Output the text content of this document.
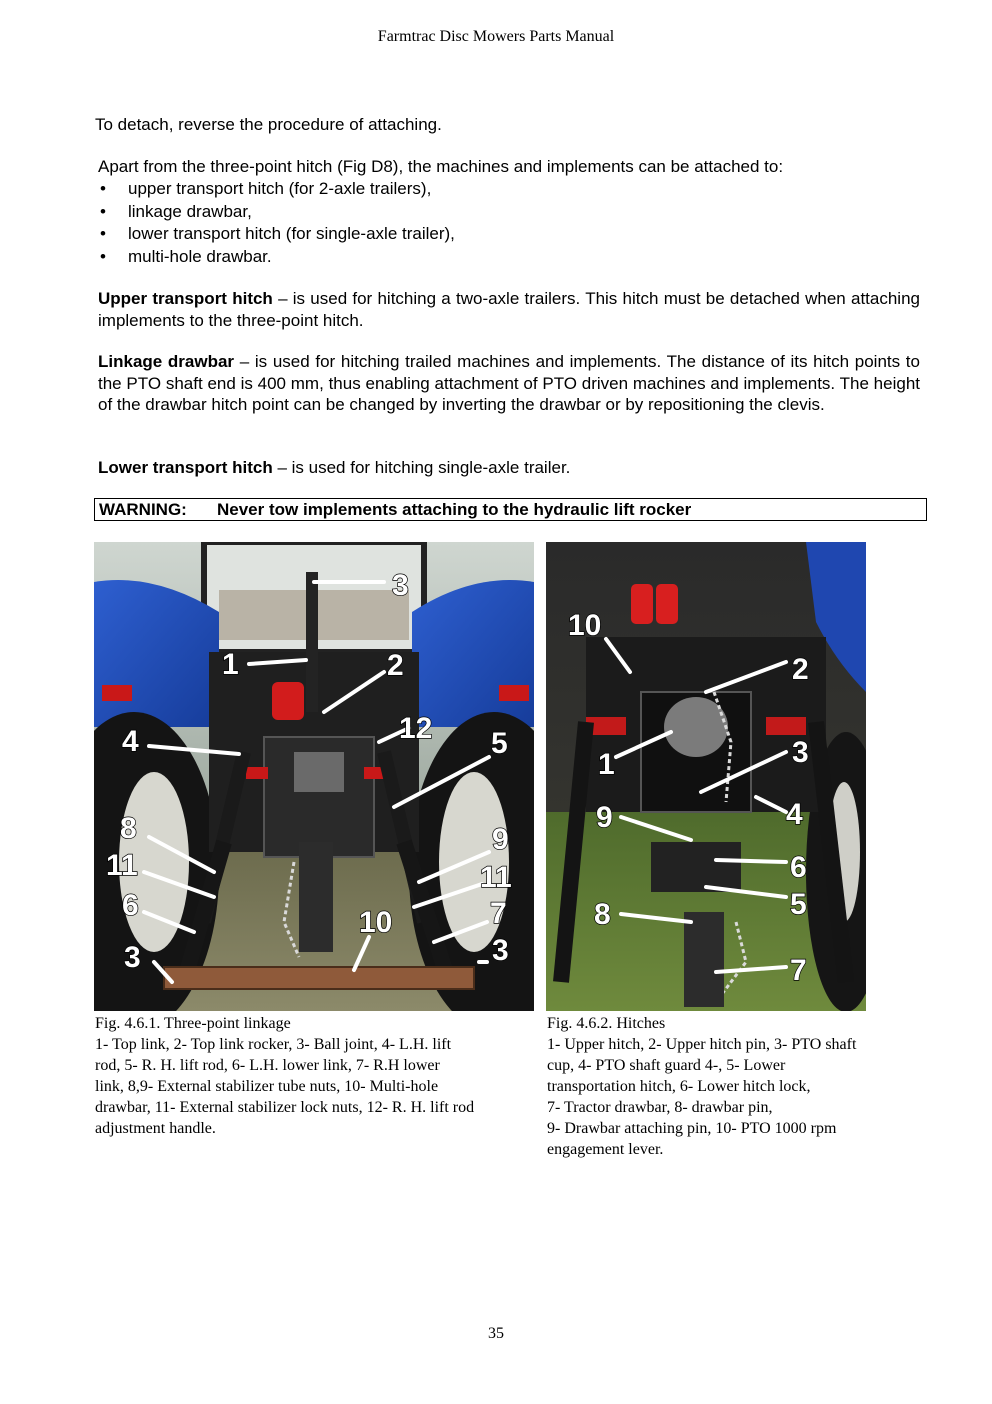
Farmtrac Disc Mowers Parts Manual
To detach, reverse the procedure of attaching.
Apart from the three-point hitch (Fig D8), the machines and implements can be attached to:
• upper transport hitch (for 2-axle trailers),
• linkage drawbar,
• lower transport hitch (for single-axle trailer),
• multi-hole drawbar.
Upper transport hitch – is used for hitching a two-axle trailers. This hitch must be detached when attaching implements to the three-point hitch.
Linkage drawbar – is used for hitching trailed machines and implements. The distance of its hitch points to the PTO shaft end is 400 mm, thus enabling attachment of PTO driven machines and implements. The height of the drawbar hitch point can be changed by inverting the drawbar or by repositioning the clevis.
Lower transport hitch – is used for hitching single-axle trailer.
WARNING: Never tow implements attaching to the hydraulic lift rocker
3
1	2
12
4	5
8	9
11	11
6	7
10
3	3
10
2
1	3
9	4
6
8	5
7
Fig. 4.6.1. Three-point linkage
1- Top link, 2- Top link rocker, 3- Ball joint, 4- L.H. lift
rod, 5- R. H. lift rod, 6- L.H. lower link, 7- R.H lower
link, 8,9- External stabilizer tube nuts, 10- Multi-hole
drawbar, 11- External stabilizer lock nuts, 12- R. H. lift rod
adjustment handle.
Fig. 4.6.2. Hitches
1- Upper hitch, 2- Upper hitch pin, 3- PTO shaft
cup, 4- PTO shaft guard 4-, 5- Lower
transportation hitch, 6- Lower hitch lock,
7- Tractor drawbar, 8- drawbar pin,
9- Drawbar attaching pin, 10- PTO 1000 rpm
engagement lever.
35
